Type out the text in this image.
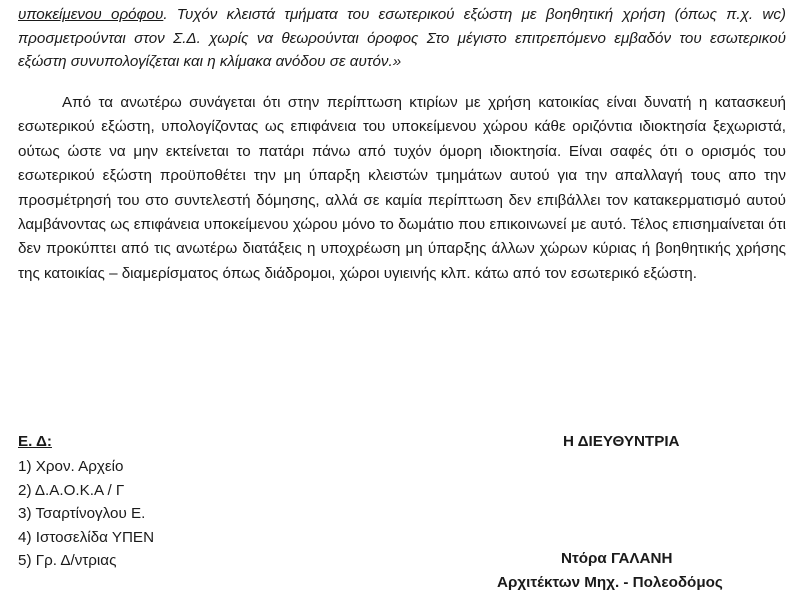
υποκείμενου ορόφου. Τυχόν κλειστά τμήματα του εσωτερικού εξώστη με βοηθητική χρήση (όπως π.χ. wc) προσμετρούνται στον Σ.Δ. χωρίς να θεωρούνται όροφος Στο μέγιστο επιτρεπόμενο εμβαδόν του εσωτερικού εξώστη συνυπολογίζεται και η κλίμακα ανόδου σε αυτόν.»
Από τα ανωτέρω συνάγεται ότι στην περίπτωση κτιρίων με χρήση κατοικίας είναι δυνατή η κατασκευή εσωτερικού εξώστη, υπολογίζοντας ως επιφάνεια του υποκείμενου χώρου κάθε οριζόντια ιδιοκτησία ξεχωριστά, ούτως ώστε να μην εκτείνεται το πατάρι πάνω από τυχόν όμορη ιδιοκτησία. Είναι σαφές ότι ο ορισμός του εσωτερικού εξώστη προϋποθέτει την μη ύπαρξη κλειστών τμημάτων αυτού για την απαλλαγή τους απο την προσμέτρησή του στο συντελεστή δόμησης, αλλά σε καμία περίπτωση δεν επιβάλλει τον κατακερματισμό αυτού λαμβάνοντας ως επιφάνεια υποκείμενου χώρου μόνο το δωμάτιο που επικοινωνεί με αυτό. Τέλος επισημαίνεται ότι δεν προκύπτει από τις ανωτέρω διατάξεις η υποχρέωση μη ύπαρξης άλλων χώρων κύριας ή βοηθητικής χρήσης της κατοικίας – διαμερίσματος όπως διάδρομοι, χώροι υγιεινής κλπ. κάτω από τον εσωτερικό εξώστη.
Ε. Δ:
1) Χρον. Αρχείο
2) Δ.Α.Ο.Κ.Α / Γ
3) Τσαρτίνογλου Ε.
4) Ιστοσελίδα ΥΠΕΝ
5) Γρ. Δ/ντριας
Η ΔΙΕΥΘΥΝΤΡΙΑ
Ντόρα ΓΑΛΑΝΗ
Αρχιτέκτων Μηχ. - Πολεοδόμος
